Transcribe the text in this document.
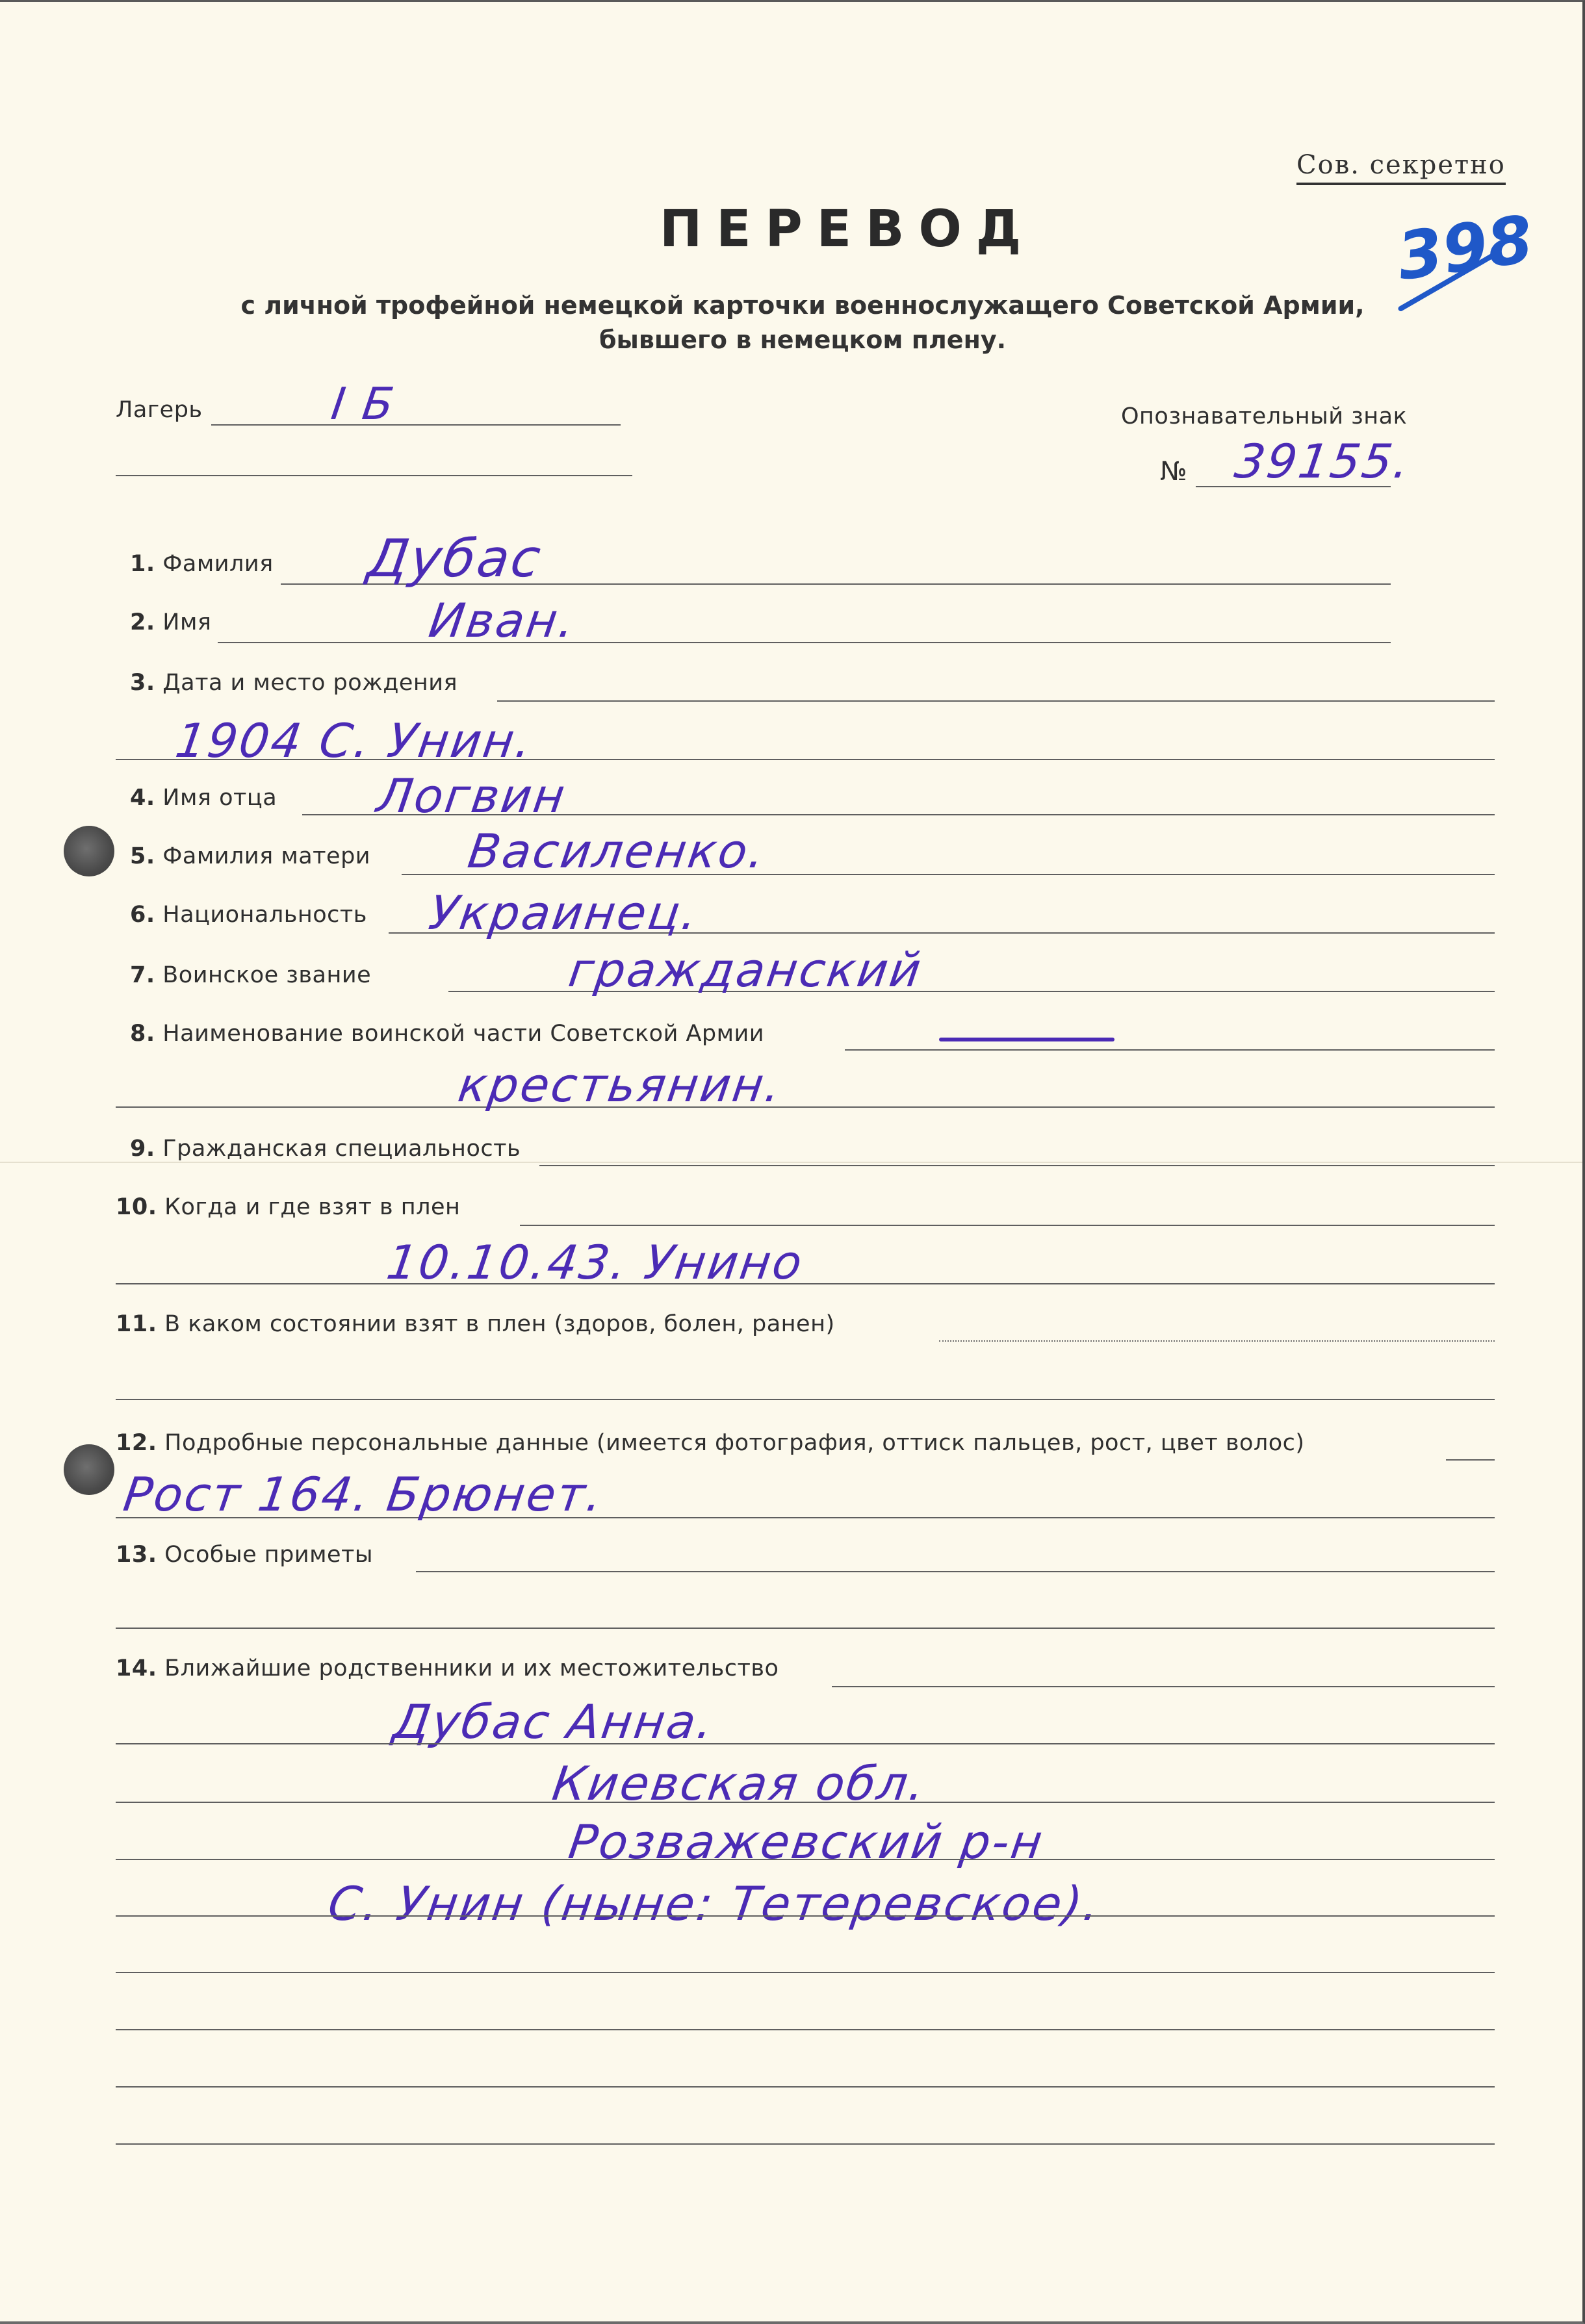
Сов. секретно
398
ПЕРЕВОД
с личной трофейной немецкой карточки военнослужащего Советской Армии,
бывшего в немецком плену.
Лагерь	I Б	Опознавательный знак
№ 39155.
1. Фамилия Дубас
2. Имя	Иван.
3. Дата и место рождения
1904 С. Унин.
4. Имя отца Логвин
5. Фамилия матери Василенко.
6. Национальность Украинец.
7. Воинское звание	гражданский
8. Наименование воинской части Советской Армии
крестьянин.
9. Гражданская специальность
10. Когда и где взят в плен
10.10.43. Унино
11. В каком состоянии взят в плен (здоров, болен, ранен)
12. Подробные персональные данные (имеется фотография, оттиск пальцев, рост, цвет волос)
Рост 164. Брюнет.
13. Особые приметы
14. Ближайшие родственники и их местожительство
Дубас Анна.
Киевская обл.
Розважевский р-н
С. Унин (ныне: Тетеревское).
